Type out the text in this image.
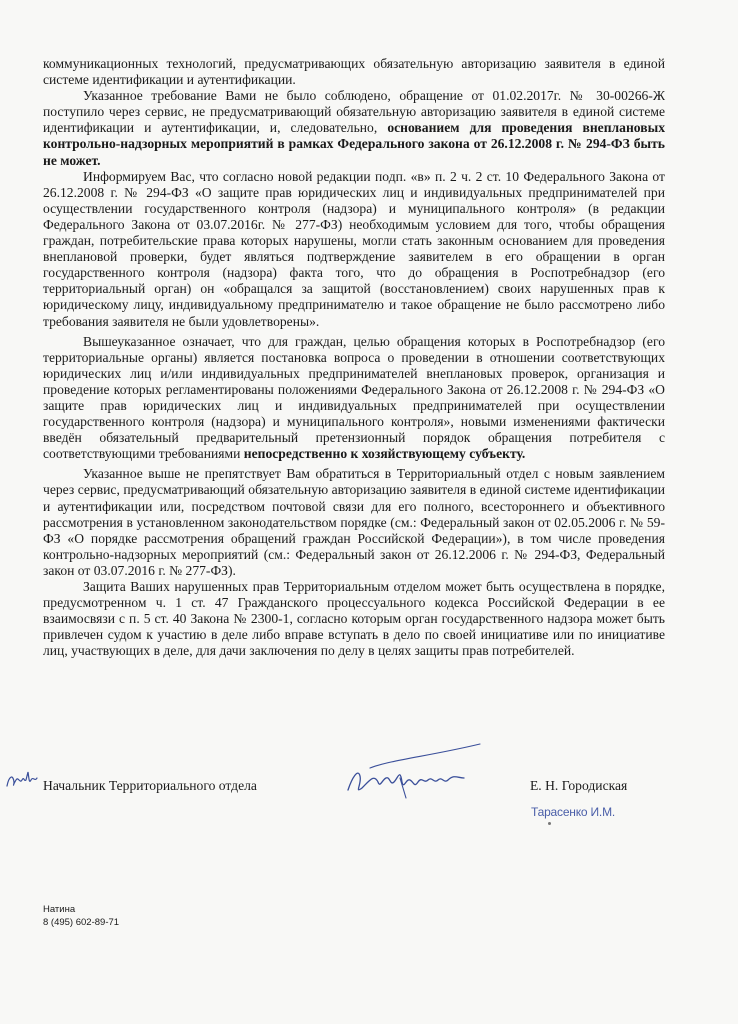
коммуникационных технологий, предусматривающих обязательную авторизацию заявителя в единой системе идентификации и аутентификации.

Указанное требование Вами не было соблюдено, обращение от 01.02.2017г. № 30-00266-Ж поступило через сервис, не предусматривающий обязательную авторизацию заявителя в единой системе идентификации и аутентификации, и, следовательно, основанием для проведения внеплановых контрольно-надзорных мероприятий в рамках Федерального закона от 26.12.2008 г. № 294-ФЗ быть не может.

Информируем Вас, что согласно новой редакции подп. «в» п. 2 ч. 2 ст. 10 Федерального Закона от 26.12.2008 г. № 294-ФЗ «О защите прав юридических лиц и индивидуальных предпринимателей при осуществлении государственного контроля (надзора) и муниципального контроля» (в редакции Федерального Закона от 03.07.2016г. № 277-ФЗ) необходимым условием для того, чтобы обращения граждан, потребительские права которых нарушены, могли стать законным основанием для проведения внеплановой проверки, будет являться подтверждение заявителем в его обращении в орган государственного контроля (надзора) факта того, что до обращения в Роспотребнадзор (его территориальный орган) он «обращался за защитой (восстановлением) своих нарушенных прав к юридическому лицу, индивидуальному предпринимателю и такое обращение не было рассмотрено либо требования заявителя не были удовлетворены».

Вышеуказанное означает, что для граждан, целью обращения которых в Роспотребнадзор (его территориальные органы) является постановка вопроса о проведении в отношении соответствующих юридических лиц и/или индивидуальных предпринимателей внеплановых проверок, организация и проведение которых регламентированы положениями Федерального Закона от 26.12.2008 г. № 294-ФЗ «О защите прав юридических лиц и индивидуальных предпринимателей при осуществлении государственного контроля (надзора) и муниципального контроля», новыми изменениями фактически введён обязательный предварительный претензионный порядок обращения потребителя с соответствующими требованиями непосредственно к хозяйствующему субъекту.

Указанное выше не препятствует Вам обратиться в Территориальный отдел с новым заявлением через сервис, предусматривающий обязательную авторизацию заявителя в единой системе идентификации и аутентификации или, посредством почтовой связи для его полного, всестороннего и объективного рассмотрения в установленном законодательством порядке (см.: Федеральный закон от 02.05.2006 г. № 59-ФЗ «О порядке рассмотрения обращений граждан Российской Федерации»), в том числе проведения контрольно-надзорных мероприятий (см.: Федеральный закон от 26.12.2006 г. № 294-ФЗ, Федеральный закон от 03.07.2016 г. № 277-ФЗ).

Защита Ваших нарушенных прав Территориальным отделом может быть осуществлена в порядке, предусмотренном ч. 1 ст. 47 Гражданского процессуального кодекса Российской Федерации в ее взаимосвязи с п. 5 ст. 40 Закона № 2300-1, согласно которым орган государственного надзора может быть привлечен судом к участию в деле либо вправе вступать в дело по своей инициативе или по инициативе лиц, участвующих в деле, для дачи заключения по делу в целях защиты прав потребителей.

Начальник Территориального отдела	Е. Н. Городиская
Тарасенко И.М.
Натина
8 (495) 602-89-71
